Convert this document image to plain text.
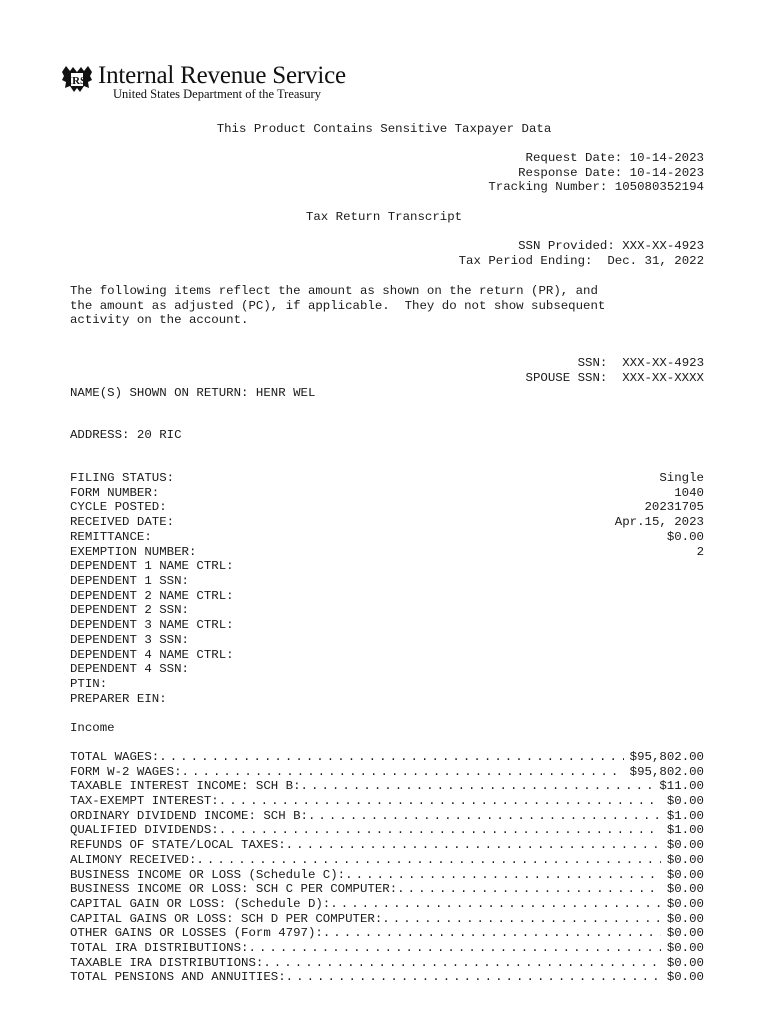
IRS Internal Revenue Service
United States Department of the Treasury
This Product Contains Sensitive Taxpayer Data
Request Date: 10-14-2023
Response Date: 10-14-2023
Tracking Number: 105080352194
Tax Return Transcript
SSN Provided: XXX-XX-4923
Tax Period Ending:  Dec. 31, 2022
The following items reflect the amount as shown on the return (PR), and
the amount as adjusted (PC), if applicable.  They do not show subsequent
activity on the account.
SSN:  XXX-XX-4923
SPOUSE SSN:  XXX-XX-XXXX
NAME(S) SHOWN ON RETURN: HENR WEL
ADDRESS: 20 RIC
FILING STATUS:	Single
FORM NUMBER:	1040
CYCLE POSTED:	20231705
RECEIVED DATE:	Apr.15, 2023
REMITTANCE:	$0.00
EXEMPTION NUMBER:	2
DEPENDENT 1 NAME CTRL:
DEPENDENT 1 SSN:
DEPENDENT 2 NAME CTRL:
DEPENDENT 2 SSN:
DEPENDENT 3 NAME CTRL:
DEPENDENT 3 SSN:
DEPENDENT 4 NAME CTRL:
DEPENDENT 4 SSN:
PTIN:
PREPARER EIN:
Income
TOTAL WAGES: . . .	$95,802.00
FORM W-2 WAGES: . . .	$95,802.00
TAXABLE INTEREST INCOME: SCH B: . . .	$11.00
TAX-EXEMPT INTEREST: . . .	$0.00
ORDINARY DIVIDEND INCOME: SCH B: . . .	$1.00
QUALIFIED DIVIDENDS: . . .	$1.00
REFUNDS OF STATE/LOCAL TAXES: . . .	$0.00
ALIMONY RECEIVED: . . .	$0.00
BUSINESS INCOME OR LOSS (Schedule C): . . .	$0.00
BUSINESS INCOME OR LOSS: SCH C PER COMPUTER: . . .	$0.00
CAPITAL GAIN OR LOSS: (Schedule D): . . .	$0.00
CAPITAL GAINS OR LOSS: SCH D PER COMPUTER: . . .	$0.00
OTHER GAINS OR LOSSES (Form 4797): . . .	$0.00
TOTAL IRA DISTRIBUTIONS: . . .	$0.00
TAXABLE IRA DISTRIBUTIONS: . . .	$0.00
TOTAL PENSIONS AND ANNUITIES: . . .	$0.00
